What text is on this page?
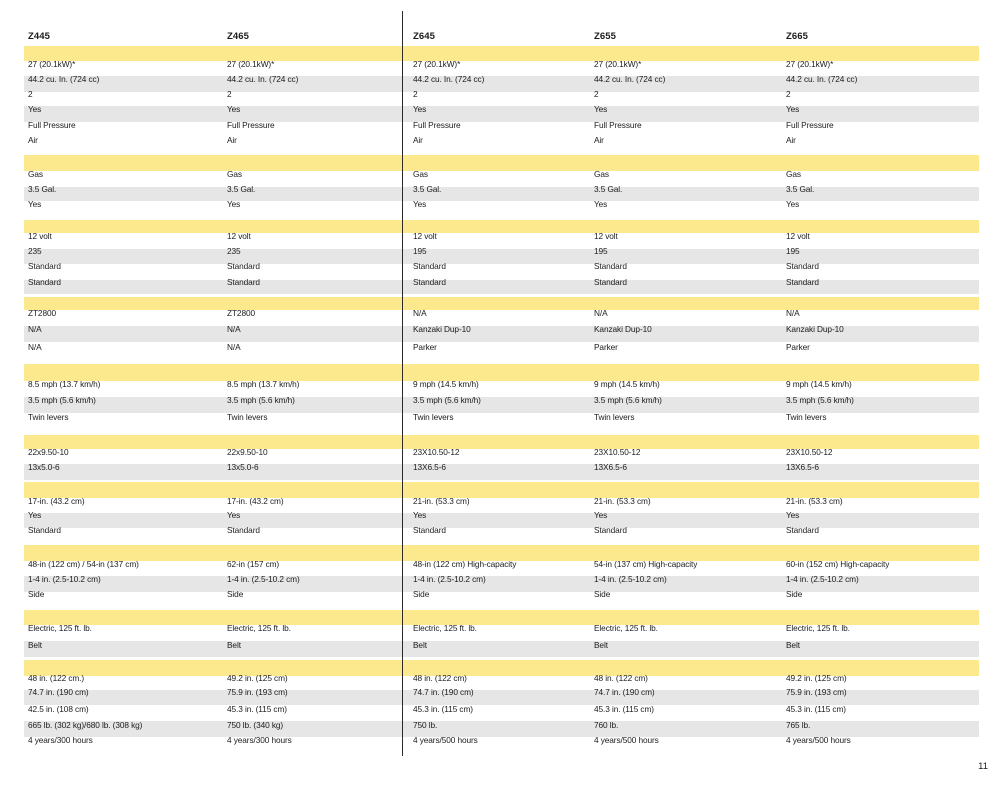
Z445	Z465	Z645	Z655	Z665
27 (20.1kW)*	27 (20.1kW)*	27 (20.1kW)*	27 (20.1kW)*	27 (20.1kW)*
44.2 cu. In. (724 cc)	44.2 cu. In. (724 cc)	44.2 cu. In. (724 cc)	44.2 cu. In. (724 cc)	44.2 cu. In. (724 cc)
2	2	2	2	2
Yes	Yes	Yes	Yes	Yes
Full Pressure	Full Pressure	Full Pressure	Full Pressure	Full Pressure
Air	Air	Air	Air	Air
Gas	Gas	Gas	Gas	Gas
3.5 Gal.	3.5 Gal.	3.5 Gal.	3.5 Gal.	3.5 Gal.
Yes	Yes	Yes	Yes	Yes
12 volt	12 volt	12 volt	12 volt	12 volt
235	235	195	195	195
Standard	Standard	Standard	Standard	Standard
Standard	Standard	Standard	Standard	Standard
ZT2800	ZT2800	N/A	N/A	N/A
N/A	N/A	Kanzaki Dup-10	Kanzaki Dup-10	Kanzaki Dup-10
N/A	N/A	Parker	Parker	Parker
8.5 mph (13.7 km/h)	8.5 mph (13.7 km/h)	9 mph (14.5 km/h)	9 mph (14.5 km/h)	9 mph (14.5 km/h)
3.5 mph (5.6 km/h)	3.5 mph (5.6 km/h)	3.5 mph (5.6 km/h)	3.5 mph (5.6 km/h)	3.5 mph (5.6 km/h)
Twin levers	Twin levers	Twin levers	Twin levers	Twin levers
22x9.50-10	22x9.50-10	23X10.50-12	23X10.50-12	23X10.50-12
13x5.0-6	13x5.0-6	13X6.5-6	13X6.5-6	13X6.5-6
17-in. (43.2 cm)	17-in. (43.2 cm)	21-in. (53.3 cm)	21-in. (53.3 cm)	21-in. (53.3 cm)
Yes	Yes	Yes	Yes	Yes
Standard	Standard	Standard	Standard	Standard
48-in (122 cm) / 54-in (137 cm)	62-in (157 cm)	48-in (122 cm) High-capacity	54-in (137 cm) High-capacity	60-in (152 cm) High-capacity
1-4 in. (2.5-10.2 cm)	1-4 in. (2.5-10.2 cm)	1-4 in. (2.5-10.2 cm)	1-4 in. (2.5-10.2 cm)	1-4 in. (2.5-10.2 cm)
Side	Side	Side	Side	Side
Electric, 125 ft. lb.	Electric, 125 ft. lb.	Electric, 125 ft. lb.	Electric, 125 ft. lb.	Electric, 125 ft. lb.
Belt	Belt	Belt	Belt	Belt
48 in. (122 cm.)	49.2 in. (125 cm)	48 in. (122 cm)	48 in. (122 cm)	49.2 in. (125 cm)
74.7 in. (190 cm)	75.9 in. (193 cm)	74.7 in. (190 cm)	74.7 in. (190 cm)	75.9 in. (193 cm)
42.5 in. (108 cm)	45.3 in. (115 cm)	45.3 in. (115 cm)	45.3 in. (115 cm)	45.3 in. (115 cm)
665 lb. (302 kg)/680 lb. (308 kg)	750 lb. (340 kg)	750 lb.	760 lb.	765 lb.
4 years/300 hours	4 years/300 hours	4 years/500 hours	4 years/500 hours	4 years/500 hours
11
